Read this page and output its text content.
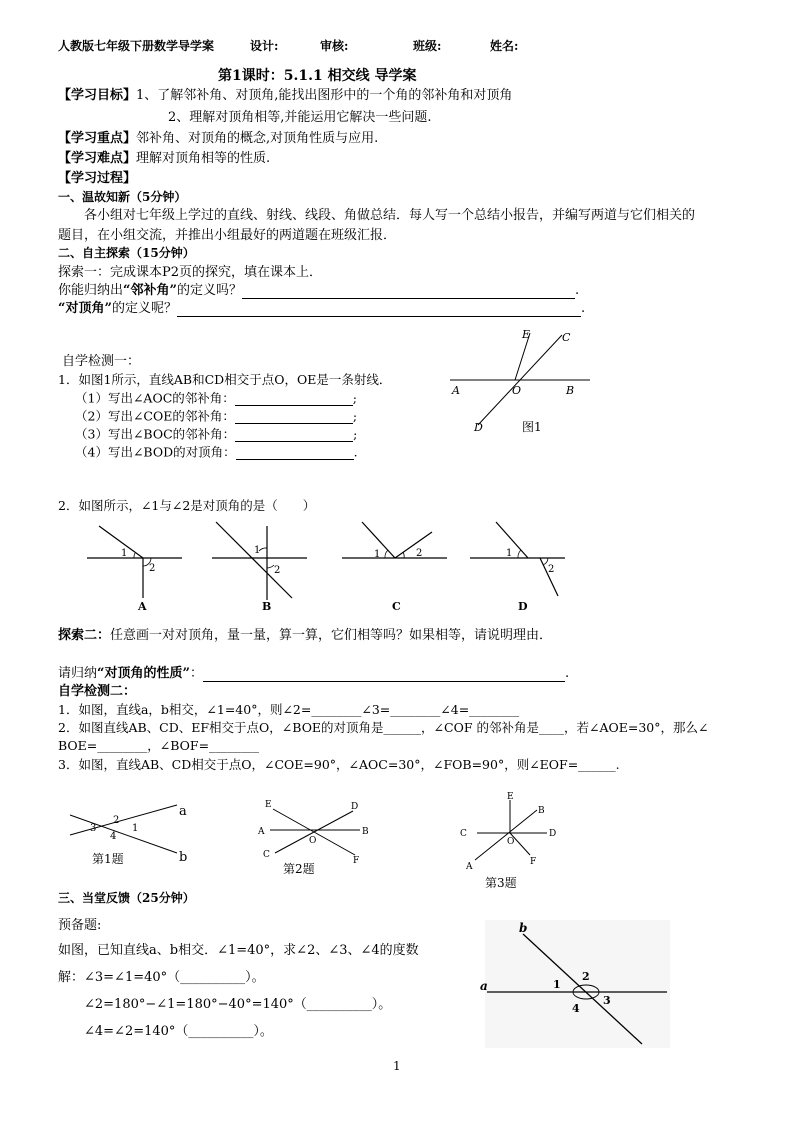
人教版七年级下册数学导学案	设计:	审核:	班级:	姓名:
第1课时：5.1.1 相交线 导学案
【学习目标】1、了解邻补角、对顶角,能找出图形中的一个角的邻补角和对顶角
2、理解对顶角相等,并能运用它解决一些问题.
【学习重点】邻补角、对顶角的概念,对顶角性质与应用.
【学习难点】理解对顶角相等的性质.
【学习过程】
一、温故知新（5分钟）
各小组对七年级上学过的直线、射线、线段、角做总结．每人写一个总结小报告，并编写两道与它们相关的
题目，在小组交流，并推出小组最好的两道题在班级汇报．
二、自主探索（15分钟）
探索一：完成课本P2页的探究，填在课本上．
你能归纳出“邻补角”的定义吗？	.
“对顶角”的定义呢？	.
自学检测一：
1．如图1所示，直线AB和CD相交于点O，OE是一条射线．
（1）写出∠AOC的邻补角：	;
（2）写出∠COE的邻补角：	;
（3）写出∠BOC的邻补角：	;
（4）写出∠BOD的对顶角：	.
E	C
A	O	B
D	图1
2．如图所示，∠1与∠2是对顶角的是（　　）
1
2
A
1
2
B
1	2
C
1
2
D
探索二：任意画一对对顶角，量一量，算一算，它们相等吗？如果相等，请说明理由．
请归纳“对顶角的性质”：	.
自学检测二：
1．如图，直线a，b相交，∠1=40°，则∠2=________∠3=________∠4=________
2．如图直线AB、CD、EF相交于点O，∠BOE的对顶角是______，∠COF 的邻补角是____，若∠AOE=30°，那么∠
BOE=________，∠BOF=________
3．如图，直线AB、CD相交于点O，∠COE=90°，∠AOC=30°，∠FOB=90°，则∠EOF=______.
a
b
2
3	1
4
第1题
E	D
A	B
O
C
F
第2题
E
B
C	D
O
A	F
第3题
三、当堂反馈（25分钟）
预备题:
如图，已知直线a、b相交．∠1=40°，求∠2、∠3、∠4的度数
解：∠3=∠1=40°（__________）。
∠2=180°−∠1=180°−40°=140°（__________）。
∠4=∠2=140°（__________）。
b
a	1
2
3
4
1
